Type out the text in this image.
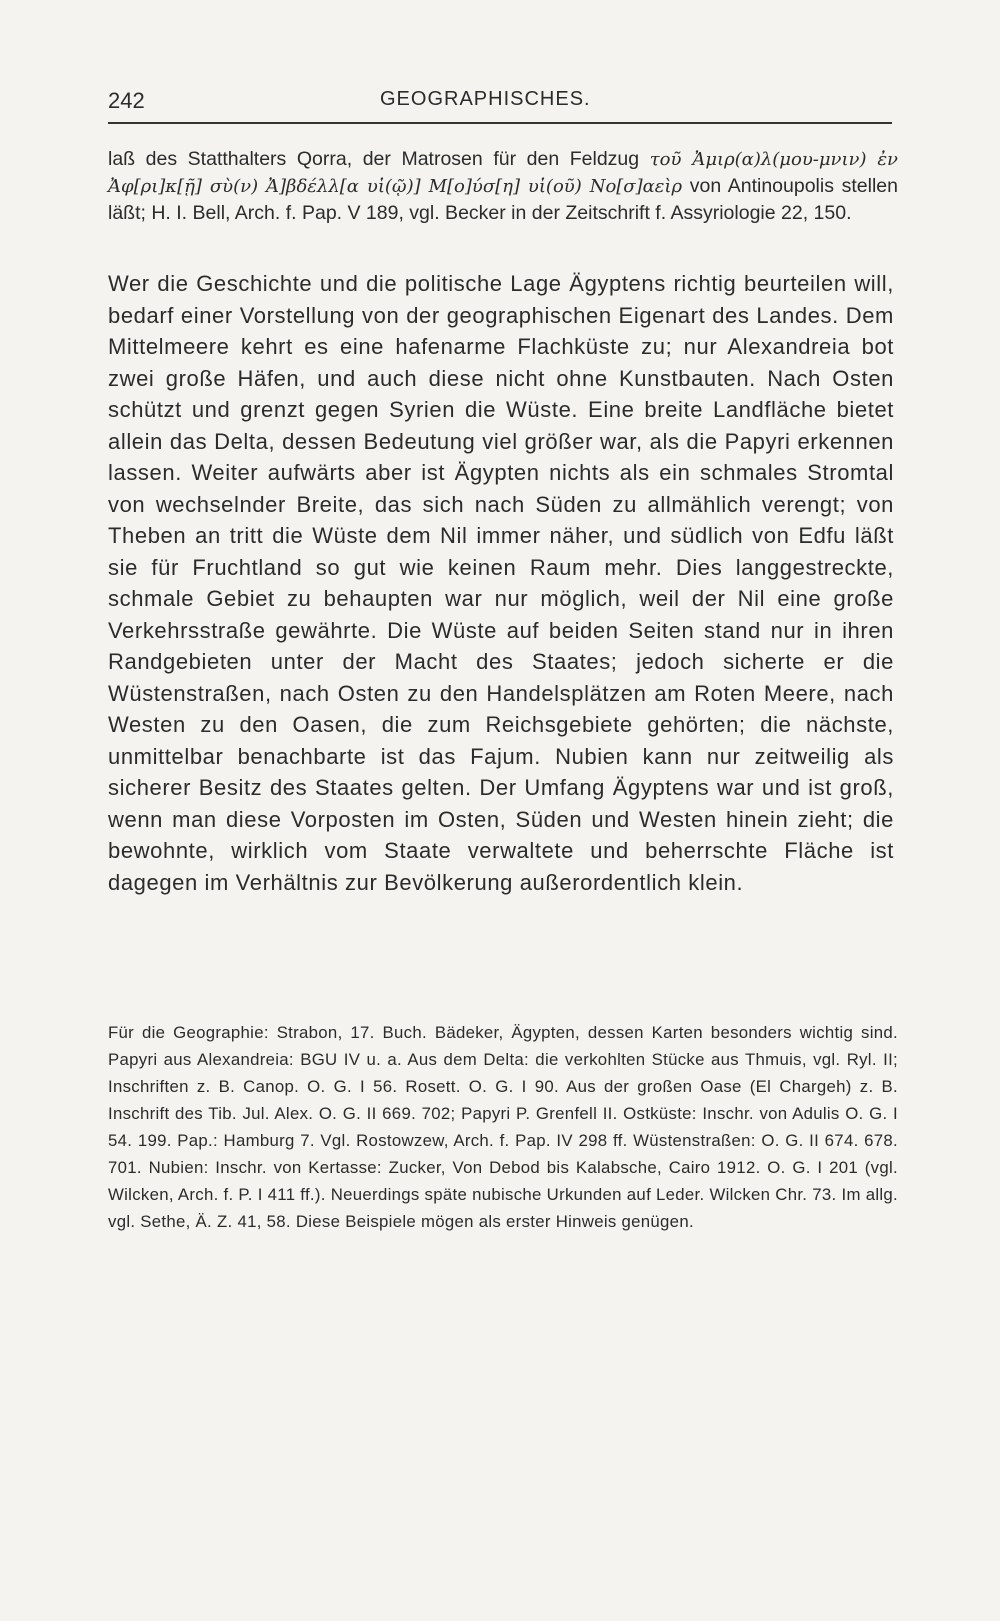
242	GEOGRAPHISCHES.

laß des Statthalters Qorra, der Matrosen für den Feldzug τοῦ Ἀμιρ(α)λ(μου-μνιν) ἐν Ἀφ[ρι]κ[ῇ] σὺ(ν) Ἀ]βδέλλ[α υἱ(ῷ)] Μ[ο]ύσ[η] υἱ(οῦ) Νο[σ]αεὶρ von Antinoupolis stellen läßt; H. I. Bell, Arch. f. Pap. V 189, vgl. Becker in der Zeitschrift f. Assyriologie 22, 150.

Wer die Geschichte und die politische Lage Ägyptens richtig beurteilen will, bedarf einer Vorstellung von der geographischen Eigenart des Landes. Dem Mittelmeere kehrt es eine hafenarme Flachküste zu; nur Alexandreia bot zwei große Häfen, und auch diese nicht ohne Kunstbauten. Nach Osten schützt und grenzt gegen Syrien die Wüste. Eine breite Landfläche bietet allein das Delta, dessen Bedeutung viel größer war, als die Papyri erkennen lassen. Weiter aufwärts aber ist Ägypten nichts als ein schmales Stromtal von wechselnder Breite, das sich nach Süden zu allmählich verengt; von Theben an tritt die Wüste dem Nil immer näher, und südlich von Edfu läßt sie für Fruchtland so gut wie keinen Raum mehr. Dies langgestreckte, schmale Gebiet zu behaupten war nur möglich, weil der Nil eine große Verkehrsstraße gewährte. Die Wüste auf beiden Seiten stand nur in ihren Randgebieten unter der Macht des Staates; jedoch sicherte er die Wüstenstraßen, nach Osten zu den Handelsplätzen am Roten Meere, nach Westen zu den Oasen, die zum Reichsgebiete gehörten; die nächste, unmittelbar benachbarte ist das Fajum. Nubien kann nur zeitweilig als sicherer Besitz des Staates gelten. Der Umfang Ägyptens war und ist groß, wenn man diese Vorposten im Osten, Süden und Westen hinein zieht; die bewohnte, wirklich vom Staate verwaltete und beherrschte Fläche ist dagegen im Verhältnis zur Bevölkerung außerordentlich klein.

Für die Geographie: Strabon, 17. Buch. Bädeker, Ägypten, dessen Karten besonders wichtig sind. Papyri aus Alexandreia: BGU IV u. a. Aus dem Delta: die verkohlten Stücke aus Thmuis, vgl. Ryl. II; Inschriften z. B. Canop. O. G. I 56. Rosett. O. G. I 90. Aus der großen Oase (El Chargeh) z. B. Inschrift des Tib. Jul. Alex. O. G. II 669. 702; Papyri P. Grenfell II. Ostküste: Inschr. von Adulis O. G. I 54. 199. Pap.: Hamburg 7. Vgl. Rostowzew, Arch. f. Pap. IV 298 ff. Wüstenstraßen: O. G. II 674. 678. 701. Nubien: Inschr. von Kertasse: Zucker, Von Debod bis Kalabsche, Cairo 1912. O. G. I 201 (vgl. Wilcken, Arch. f. P. I 411 ff.). Neuerdings späte nubische Urkunden auf Leder. Wilcken Chr. 73. Im allg. vgl. Sethe, Ä. Z. 41, 58. Diese Beispiele mögen als erster Hinweis genügen.
